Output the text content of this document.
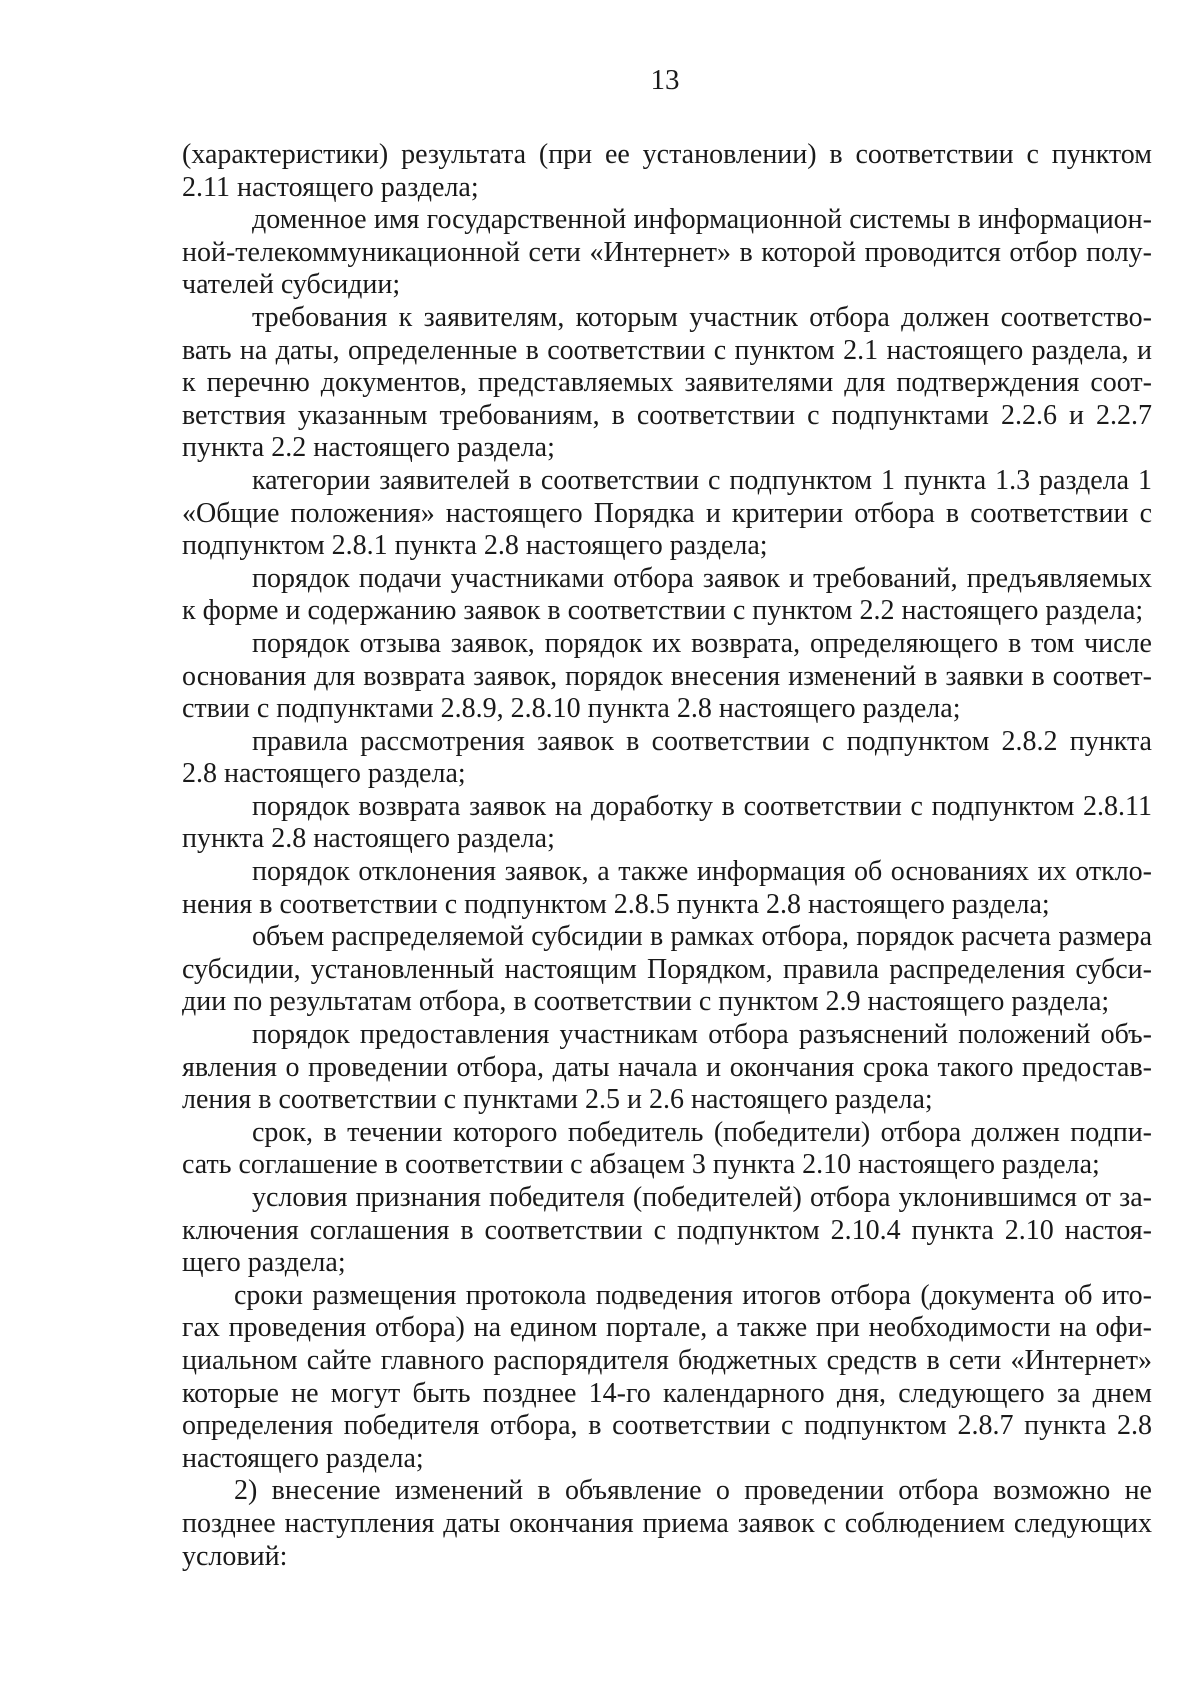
13

(характеристики) результата (при ее установлении) в соответствии с пунктом 2.11 настоящего раздела;

доменное имя государственной информационной системы в информационной-телекоммуникационной сети «Интернет» в которой проводится отбор получателей субсидии;

требования к заявителям, которым участник отбора должен соответствовать на даты, определенные в соответствии с пунктом 2.1 настоящего раздела, и к перечню документов, представляемых заявителями для подтверждения соответствия указанным требованиям, в соответствии с подпунктами 2.2.6 и 2.2.7 пункта 2.2 настоящего раздела;

категории заявителей в соответствии с подпунктом 1 пункта 1.3 раздела 1 «Общие положения» настоящего Порядка и критерии отбора в соответствии с подпунктом 2.8.1 пункта 2.8 настоящего раздела;

порядок подачи участниками отбора заявок и требований, предъявляемых к форме и содержанию заявок в соответствии с пунктом 2.2 настоящего раздела;

порядок отзыва заявок, порядок их возврата, определяющего в том числе основания для возврата заявок, порядок внесения изменений в заявки в соответствии с подпунктами 2.8.9, 2.8.10 пункта 2.8 настоящего раздела;

правила рассмотрения заявок в соответствии с подпунктом 2.8.2 пункта 2.8 настоящего раздела;

порядок возврата заявок на доработку в соответствии с подпунктом 2.8.11 пункта 2.8 настоящего раздела;

порядок отклонения заявок, а также информация об основаниях их отклонения в соответствии с подпунктом 2.8.5 пункта 2.8 настоящего раздела;

объем распределяемой субсидии в рамках отбора, порядок расчета размера субсидии, установленный настоящим Порядком, правила распределения субсидии по результатам отбора, в соответствии с пунктом 2.9 настоящего раздела;

порядок предоставления участникам отбора разъяснений положений объявления о проведении отбора, даты начала и окончания срока такого предоставления в соответствии с пунктами 2.5 и 2.6 настоящего раздела;

срок, в течении которого победитель (победители) отбора должен подписать соглашение в соответствии с абзацем 3 пункта 2.10 настоящего раздела;

условия признания победителя (победителей) отбора уклонившимся от заключения соглашения в соответствии с подпунктом 2.10.4 пункта 2.10 настоящего раздела;

сроки размещения протокола подведения итогов отбора (документа об итогах проведения отбора) на едином портале, а также при необходимости на официальном сайте главного распорядителя бюджетных средств в сети «Интернет» которые не могут быть позднее 14-го календарного дня, следующего за днем определения победителя отбора, в соответствии с подпунктом 2.8.7 пункта 2.8 настоящего раздела;

2) внесение изменений в объявление о проведении отбора возможно не позднее наступления даты окончания приема заявок с соблюдением следующих условий:
